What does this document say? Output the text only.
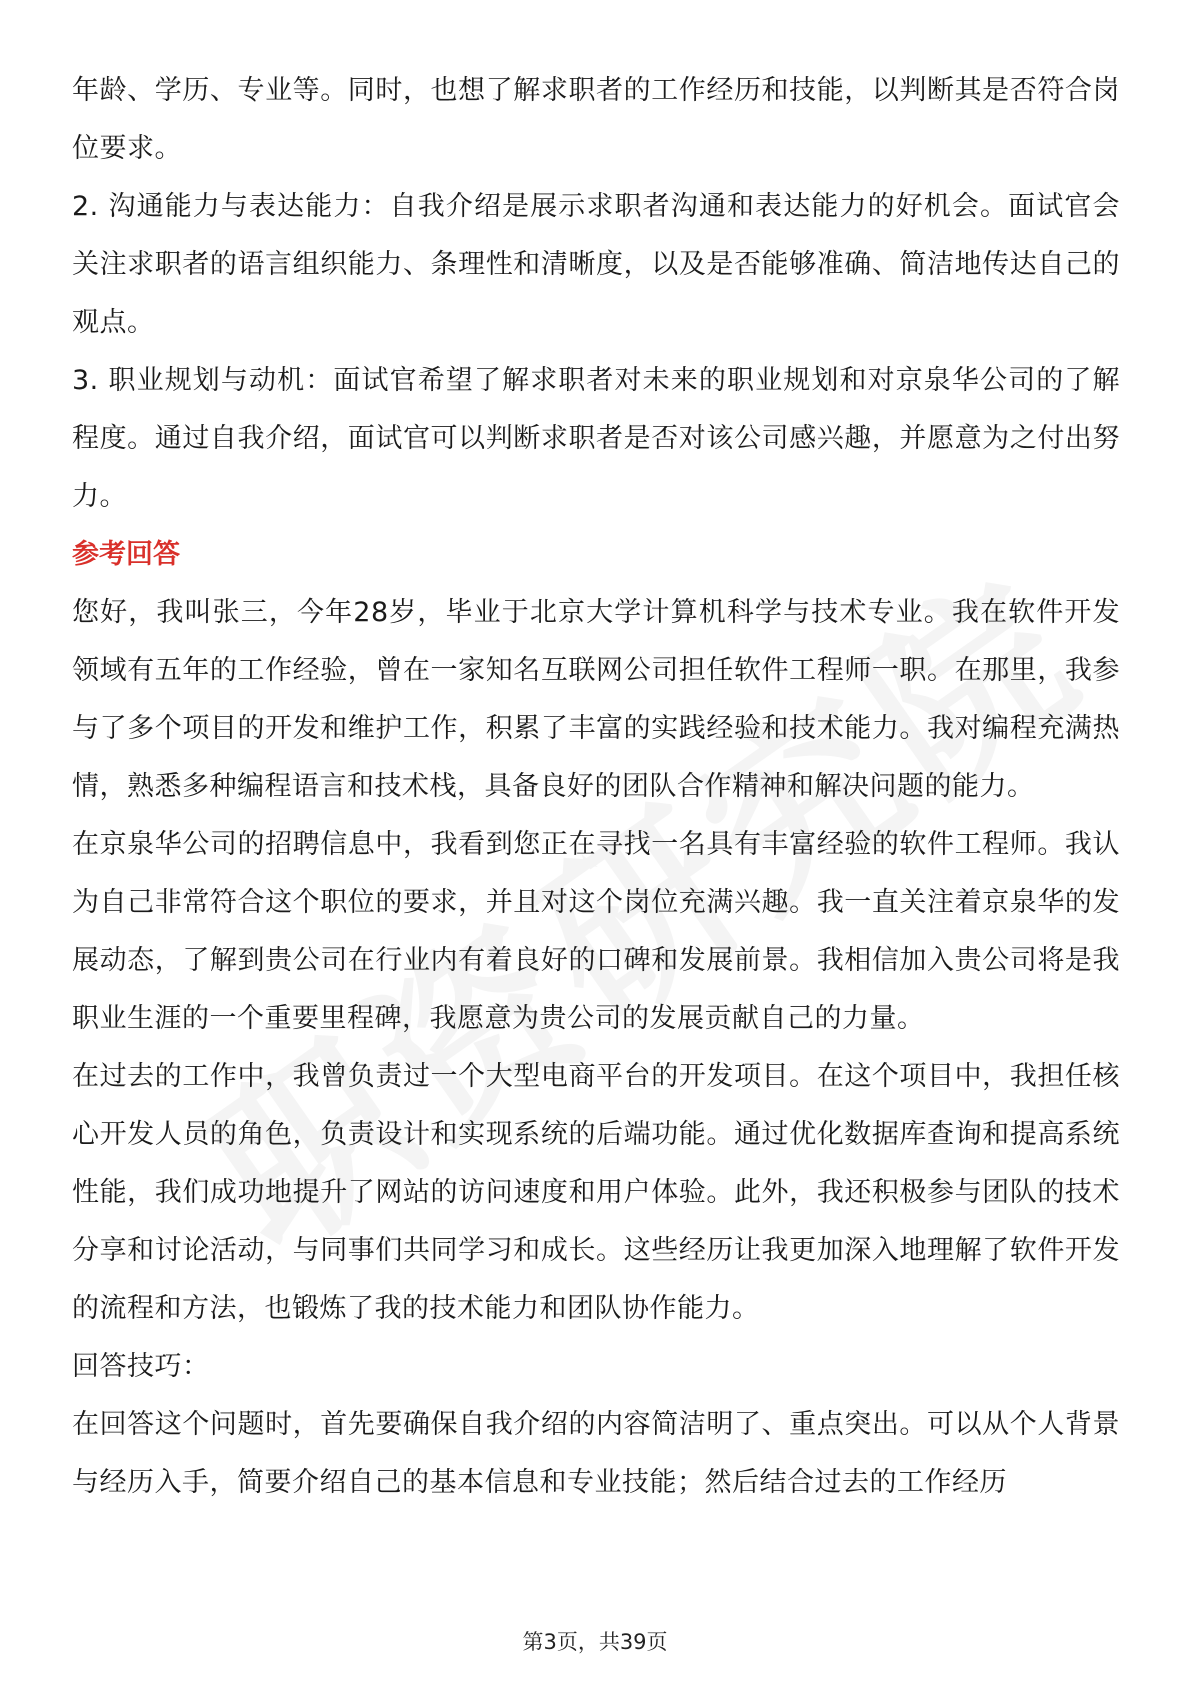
年龄、学历、专业等。同时，也想了解求职者的工作经历和技能，以判断其是否符合岗位要求。

2. 沟通能力与表达能力：自我介绍是展示求职者沟通和表达能力的好机会。面试官会关注求职者的语言组织能力、条理性和清晰度，以及是否能够准确、简洁地传达自己的观点。

3. 职业规划与动机：面试官希望了解求职者对未来的职业规划和对京泉华公司的了解程度。通过自我介绍，面试官可以判断求职者是否对该公司感兴趣，并愿意为之付出努力。

参考回答

您好，我叫张三，今年28岁，毕业于北京大学计算机科学与技术专业。我在软件开发领域有五年的工作经验，曾在一家知名互联网公司担任软件工程师一职。在那里，我参与了多个项目的开发和维护工作，积累了丰富的实践经验和技术能力。我对编程充满热情，熟悉多种编程语言和技术栈，具备良好的团队合作精神和解决问题的能力。

在京泉华公司的招聘信息中，我看到您正在寻找一名具有丰富经验的软件工程师。我认为自己非常符合这个职位的要求，并且对这个岗位充满兴趣。我一直关注着京泉华的发展动态，了解到贵公司在行业内有着良好的口碑和发展前景。我相信加入贵公司将是我职业生涯的一个重要里程碑，我愿意为贵公司的发展贡献自己的力量。

在过去的工作中，我曾负责过一个大型电商平台的开发项目。在这个项目中，我担任核心开发人员的角色，负责设计和实现系统的后端功能。通过优化数据库查询和提高系统性能，我们成功地提升了网站的访问速度和用户体验。此外，我还积极参与团队的技术分享和讨论活动，与同事们共同学习和成长。这些经历让我更加深入地理解了软件开发的流程和方法，也锻炼了我的技术能力和团队协作能力。

回答技巧：

在回答这个问题时，首先要确保自我介绍的内容简洁明了、重点突出。可以从个人背景与经历入手，简要介绍自己的基本信息和专业技能；然后结合过去的工作经历

第3页，共39页
